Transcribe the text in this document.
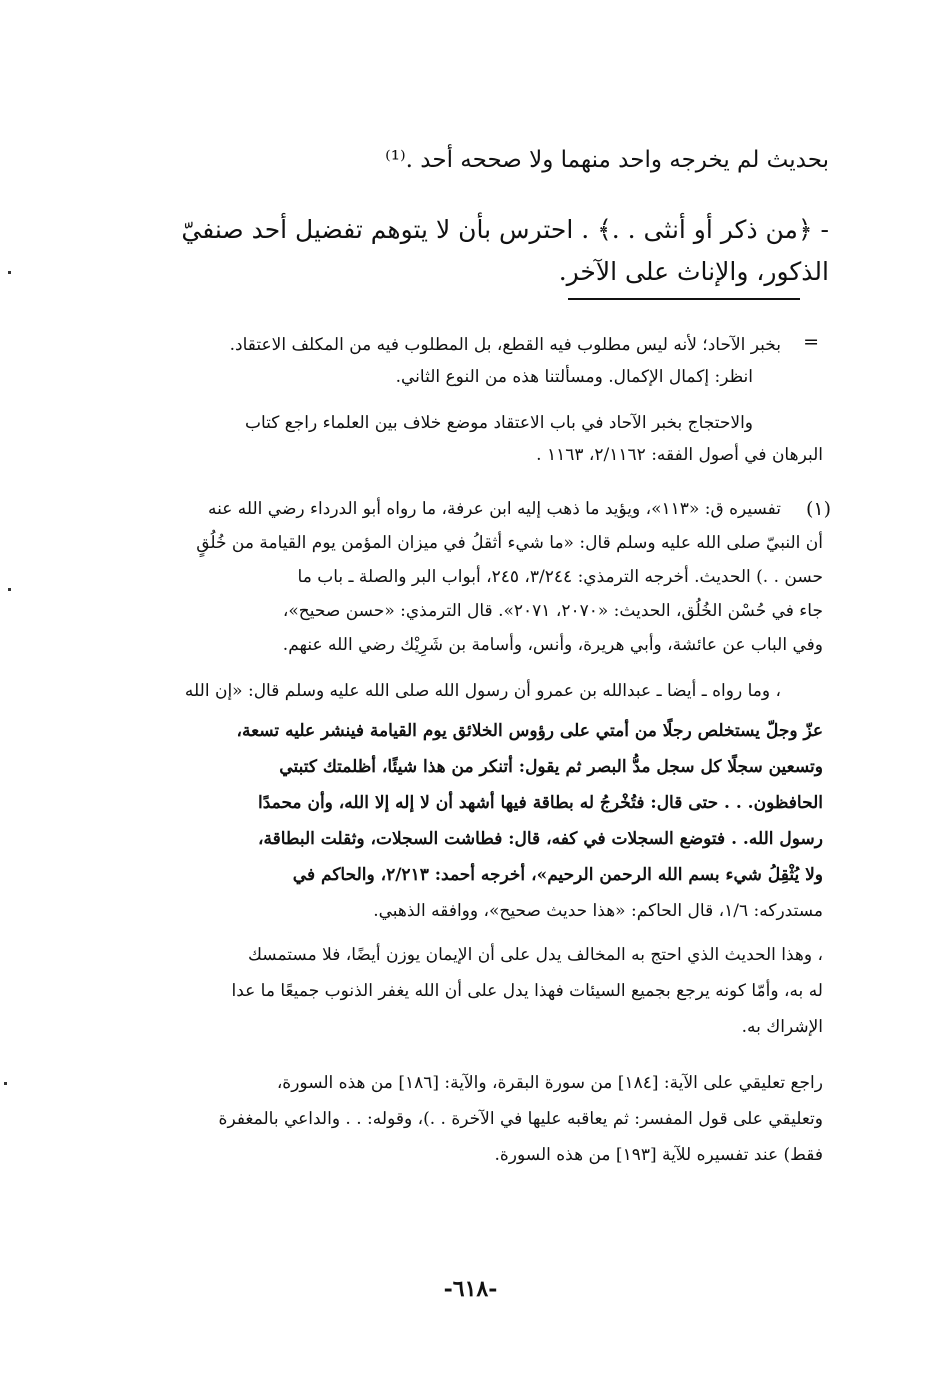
بحديث لم يخرجه واحد منهما ولا صححه أحد .⁽¹⁾
- ﴿من ذكر أو أنثى . .﴾ . احترس بأن لا يتوهم تفضيل أحد صنفيّ
الذكور، والإناث على الآخر.
=
بخبر الآحاد؛ لأنه ليس مطلوب فيه القطع، بل المطلوب فيه من المكلف الاعتقاد.
انظر: إكمال الإكمال. ومسألتنا هذه من النوع الثاني.
والاحتجاج بخبر الآحاد في باب الاعتقاد موضع خلاف بين العلماء راجع كتاب
البرهان في أصول الفقه: ٢/١١٦٢، ١١٦٣ .
(١)
تفسيره ق: «١١٣»، ويؤيد ما ذهب إليه ابن عرفة، ما رواه أبو الدرداء رضي الله عنه
أن النبيّ صلى الله عليه وسلم قال: «ما شيء أثقلُ في ميزان المؤمن يوم القيامة من خُلُقٍ
حسن . .) الحديث. أخرجه الترمذي: ٣/٢٤٤، ٢٤٥، أبواب البر والصلة ـ باب ما
جاء في حُسْن الخُلُق، الحديث: «٢٠٧٠، ٢٠٧١». قال الترمذي: «حسن صحيح»،
وفي الباب عن عائشة، وأبي هريرة، وأنس، وأسامة بن شَرِيْك رضي الله عنهم.
، وما رواه ـ أيضا ـ عبدالله بن عمرو أن رسول الله صلى الله عليه وسلم قال: «إن الله
عزّ وجلّ يستخلص رجلًا من أمتي على رؤوس الخلائق يوم القيامة فينشر عليه تسعة،
وتسعين سجلًا كل سجل مدُّ البصر ثم يقول: أتنكر من هذا شيئًا، أظلمتك كتبتي
الحافظون. . . حتى قال: فتُخْرجُ له بطاقة فيها أشهد أن لا إله إلا الله، وأن محمدًا
رسول الله. . فتوضع السجلات في كفه، قال: فطاشت السجلات، وثقلت البطاقة،
ولا يُثْقِلُ شيء بسم الله الرحمن الرحيم»، أخرجه أحمد: ٢/٢١٣، والحاكم في
مستدركه: ١/٦، قال الحاكم: «هذا حديث صحيح»، ووافقه الذهبي.
، وهذا الحديث الذي احتج به المخالف يدل على أن الإيمان يوزن أيضًا، فلا مستمسك
له به، وأمّا كونه يرجع بجميع السيئات فهذا يدل على أن الله يغفر الذنوب جميعًا ما عدا
الإشراك به.
راجع تعليقي على الآية: [١٨٤] من سورة البقرة، والآية: [١٨٦] من هذه السورة،
وتعليقي على قول المفسر: ثم يعاقبه عليها في الآخرة . .)، وقوله: . . والداعي بالمغفرة
فقط) عند تفسيره للآية [١٩٣] من هذه السورة.
-٦١٨-
